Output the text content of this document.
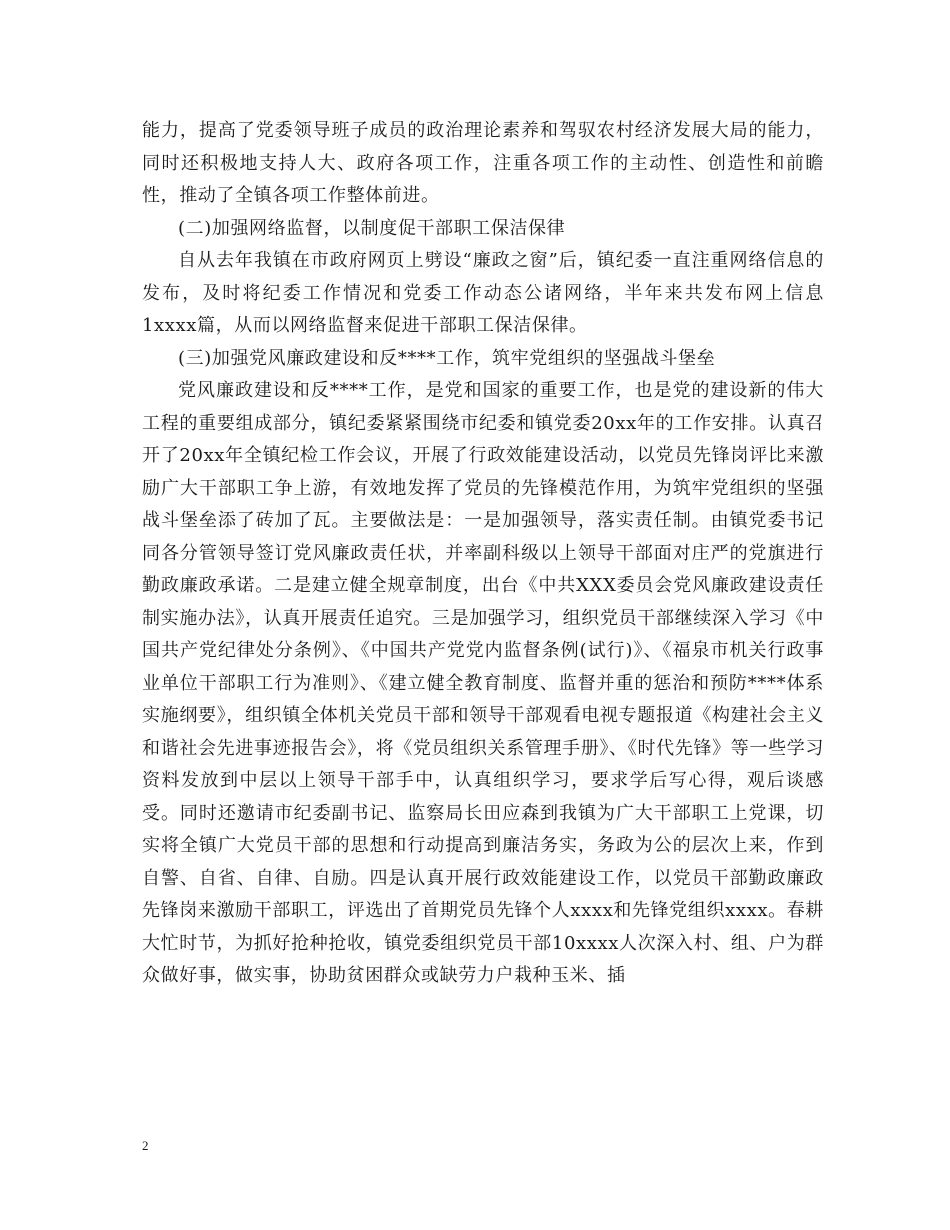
能力，提高了党委领导班子成员的政治理论素养和驾驭农村经济发展大局的能力，同时还积极地支持人大、政府各项工作，注重各项工作的主动性、创造性和前瞻性，推动了全镇各项工作整体前进。

(二)加强网络监督，以制度促干部职工保洁保律

自从去年我镇在市政府网页上劈设“廉政之窗”后，镇纪委一直注重网络信息的发布，及时将纪委工作情况和党委工作动态公诸网络，半年来共发布网上信息1xxxx篇，从而以网络监督来促进干部职工保洁保律。

(三)加强党风廉政建设和反****工作，筑牢党组织的坚强战斗堡垒

党风廉政建设和反****工作，是党和国家的重要工作，也是党的建设新的伟大工程的重要组成部分，镇纪委紧紧围绕市纪委和镇党委20xx年的工作安排。认真召开了20xx年全镇纪检工作会议，开展了行政效能建设活动，以党员先锋岗评比来激励广大干部职工争上游，有效地发挥了党员的先锋模范作用，为筑牢党组织的坚强战斗堡垒添了砖加了瓦。主要做法是：一是加强领导，落实责任制。由镇党委书记同各分管领导签订党风廉政责任状，并率副科级以上领导干部面对庄严的党旗进行勤政廉政承诺。二是建立健全规章制度，出台《中共XXX委员会党风廉政建设责任制实施办法》，认真开展责任追究。三是加强学习，组织党员干部继续深入学习《中国共产党纪律处分条例》、《中国共产党党内监督条例(试行)》、《福泉市机关行政事业单位干部职工行为准则》、《建立健全教育制度、监督并重的惩治和预防****体系实施纲要》，组织镇全体机关党员干部和领导干部观看电视专题报道《构建社会主义和谐社会先进事迹报告会》，将《党员组织关系管理手册》、《时代先锋》等一些学习资料发放到中层以上领导干部手中，认真组织学习，要求学后写心得，观后谈感受。同时还邀请市纪委副书记、监察局长田应森到我镇为广大干部职工上党课，切实将全镇广大党员干部的思想和行动提高到廉洁务实，务政为公的层次上来，作到自警、自省、自律、自励。四是认真开展行政效能建设工作，以党员干部勤政廉政先锋岗来激励干部职工，评选出了首期党员先锋个人xxxx和先锋党组织xxxx。春耕大忙时节，为抓好抢种抢收，镇党委组织党员干部10xxxx人次深入村、组、户为群众做好事，做实事，协助贫困群众或缺劳力户栽种玉米、插

2
